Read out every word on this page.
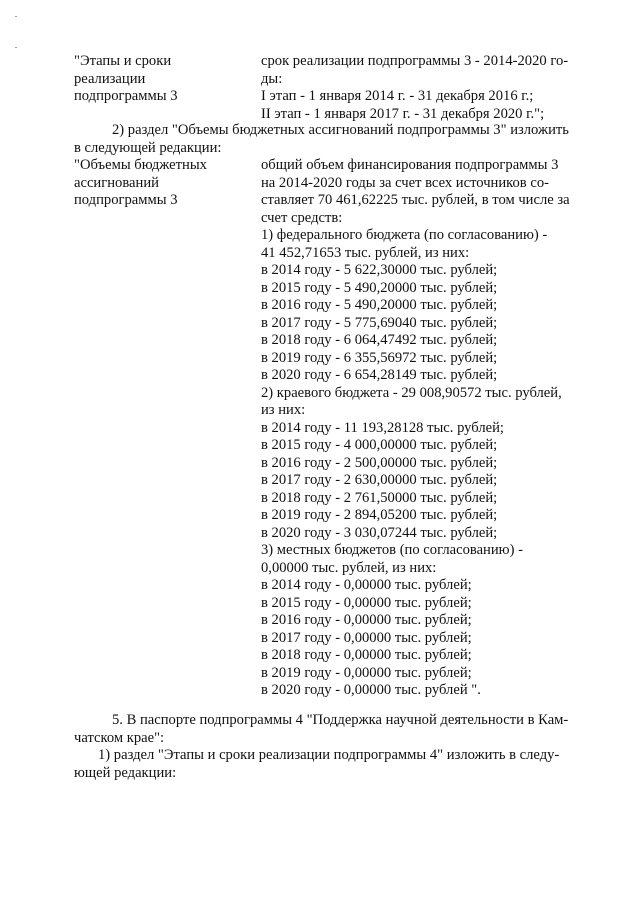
"Этапы и сроки
реализации
подпрограммы 3
срок реализации подпрограммы 3 - 2014-2020 го-
ды:
I этап - 1 января 2014 г. - 31 декабря 2016 г.;
II этап - 1 января 2017 г. - 31 декабря 2020 г.";
2) раздел "Объемы бюджетных ассигнований подпрограммы 3" изложить
в следующей редакции:
"Объемы бюджетных
ассигнований
подпрограммы 3
общий объем финансирования подпрограммы 3
на 2014-2020 годы за счет всех источников со-
ставляет 70 461,62225 тыс. рублей, в том числе за
счет средств:
1) федерального бюджета (по согласованию) -
41 452,71653 тыс. рублей, из них:
в 2014 году - 5 622,30000 тыс. рублей;
в 2015 году - 5 490,20000 тыс. рублей;
в 2016 году - 5 490,20000 тыс. рублей;
в 2017 году - 5 775,69040 тыс. рублей;
в 2018 году - 6 064,47492 тыс. рублей;
в 2019 году - 6 355,56972 тыс. рублей;
в 2020 году - 6 654,28149 тыс. рублей;
2) краевого бюджета - 29 008,90572 тыс. рублей,
из них:
в 2014 году - 11 193,28128 тыс. рублей;
в 2015 году - 4 000,00000 тыс. рублей;
в 2016 году - 2 500,00000 тыс. рублей;
в 2017 году - 2 630,00000 тыс. рублей;
в 2018 году - 2 761,50000 тыс. рублей;
в 2019 году - 2 894,05200 тыс. рублей;
в 2020 году - 3 030,07244 тыс. рублей;
3) местных бюджетов (по согласованию) -
0,00000 тыс. рублей, из них:
в 2014 году - 0,00000 тыс. рублей;
в 2015 году - 0,00000 тыс. рублей;
в 2016 году - 0,00000 тыс. рублей;
в 2017 году - 0,00000 тыс. рублей;
в 2018 году - 0,00000 тыс. рублей;
в 2019 году - 0,00000 тыс. рублей;
в 2020 году - 0,00000 тыс. рублей ".
5. В паспорте подпрограммы 4 "Поддержка научной деятельности в Кам-
чатском крае":
1) раздел "Этапы и сроки реализации подпрограммы 4" изложить в следу-
ющей редакции:
